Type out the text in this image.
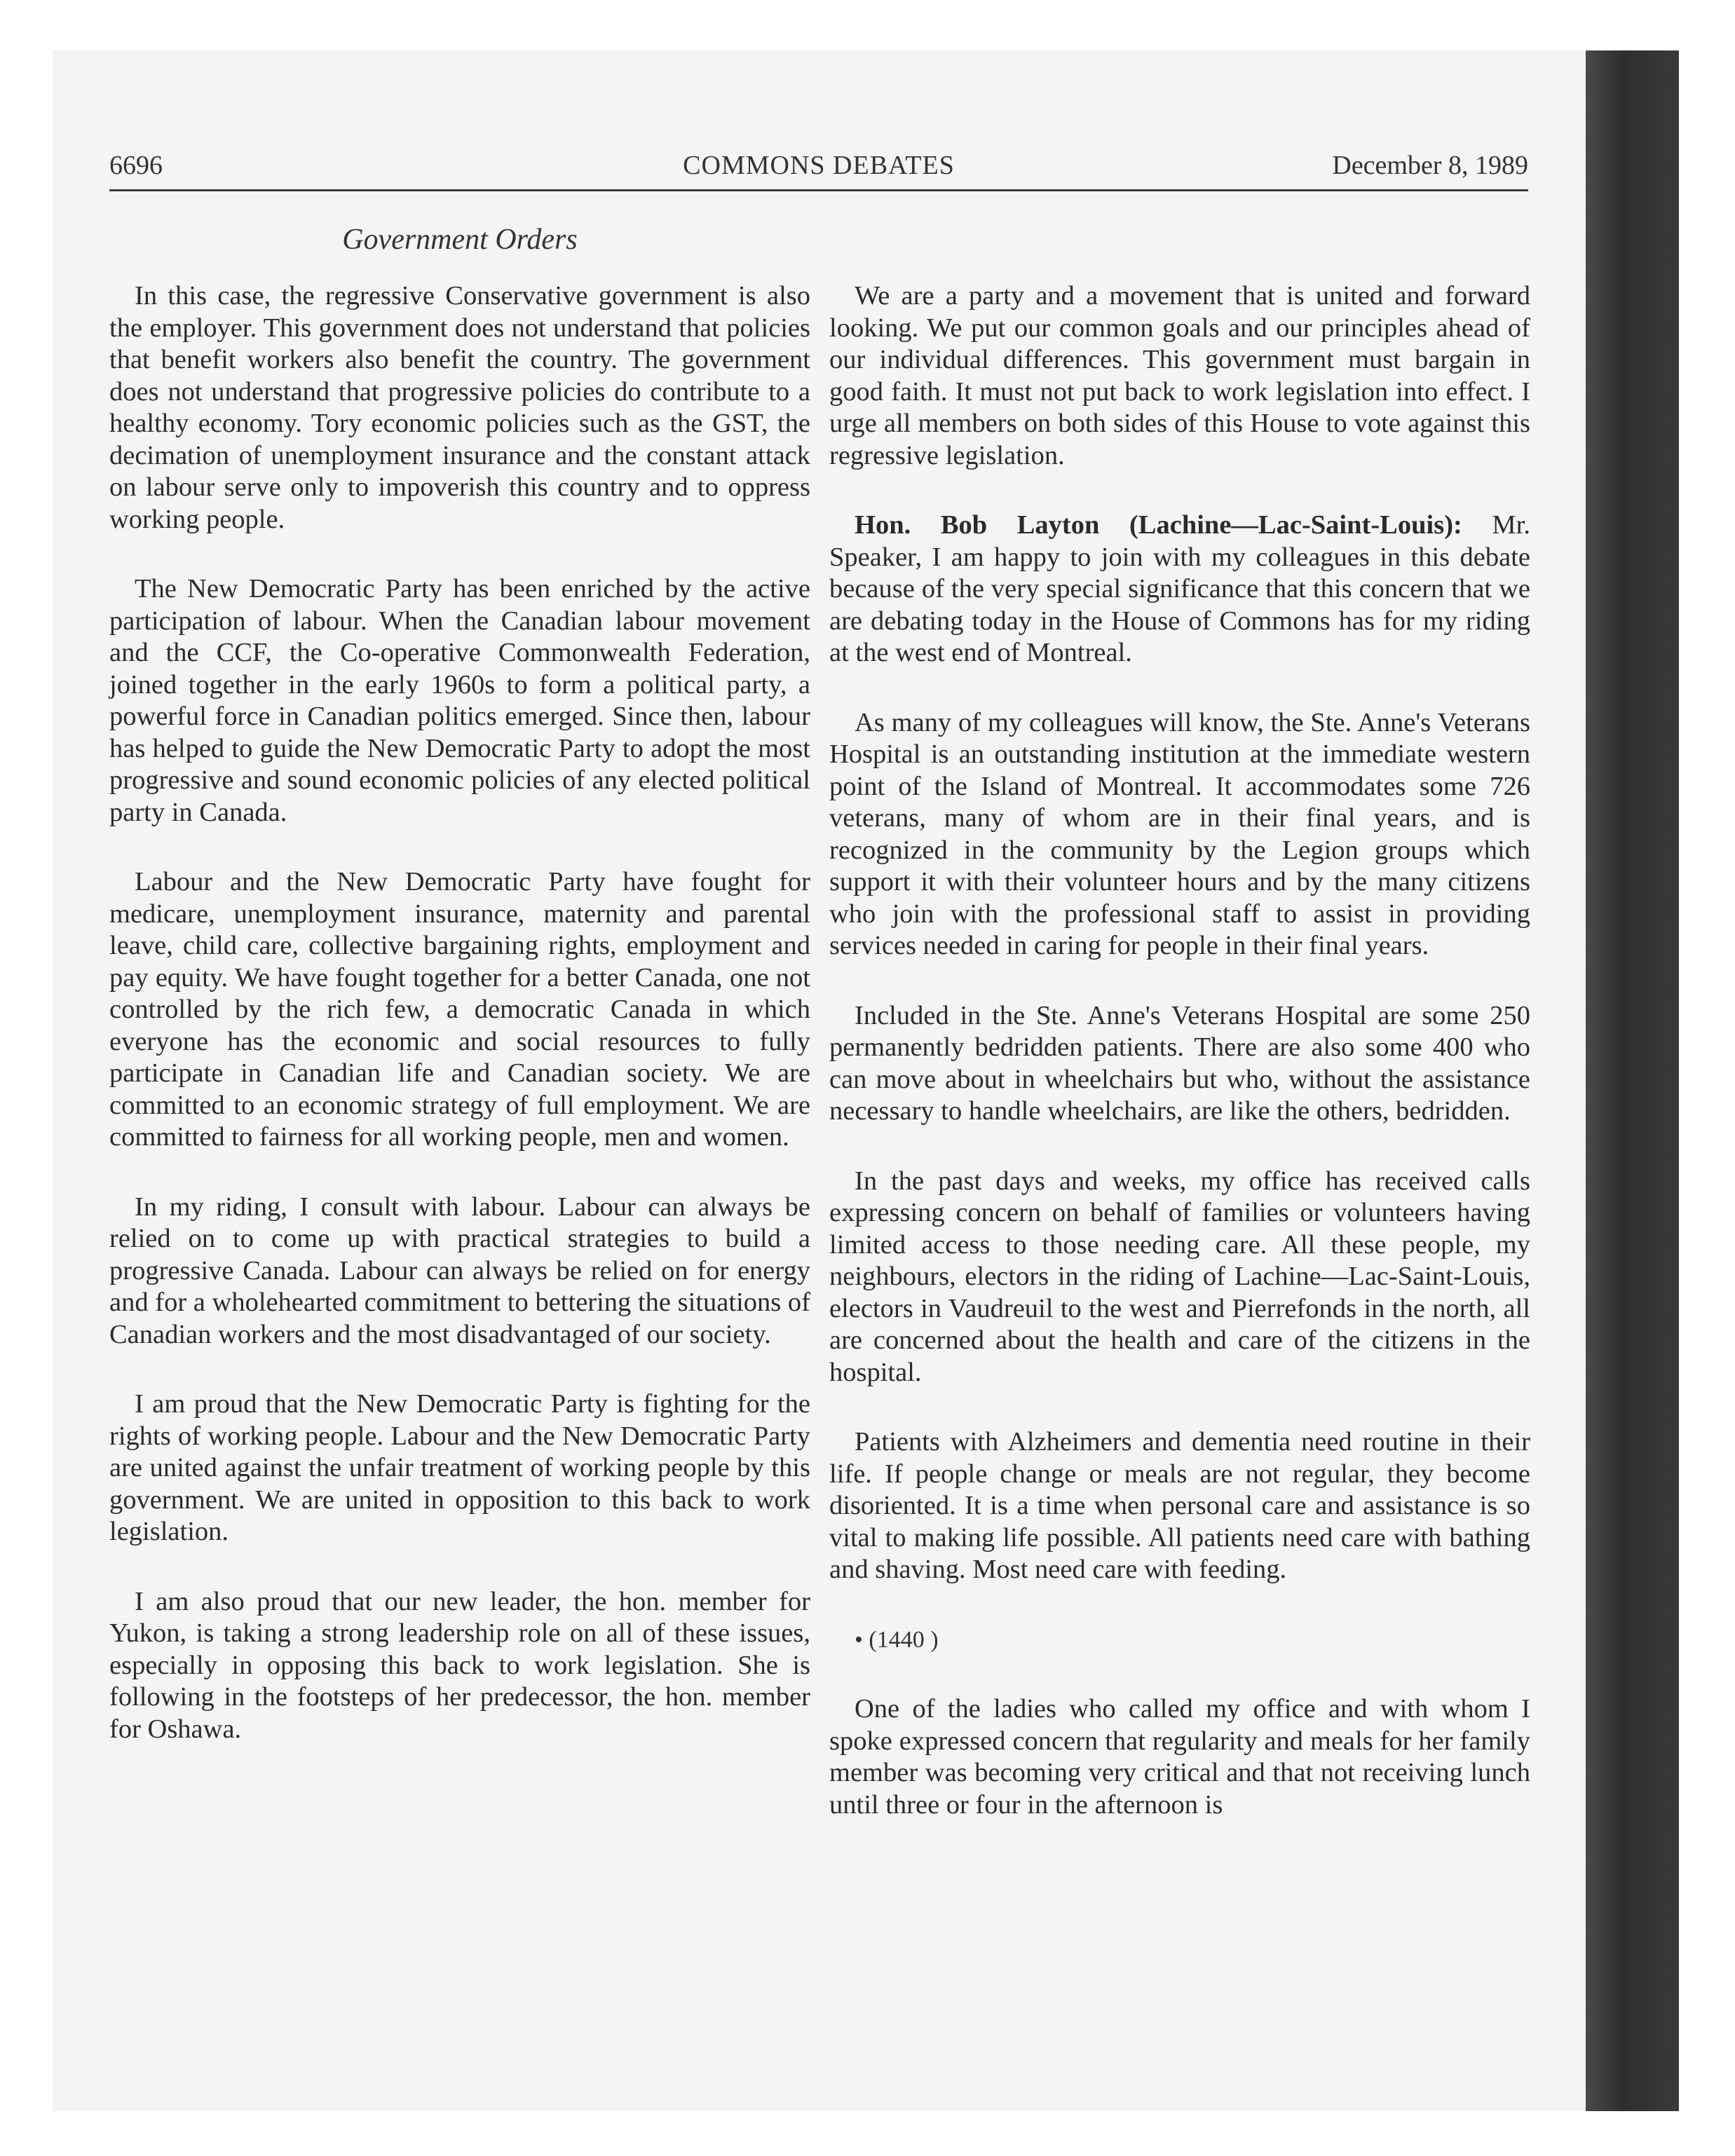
6696	COMMONS DEBATES	December 8, 1989
Government Orders

In this case, the regressive Conservative government is also the employer. This government does not understand that policies that benefit workers also benefit the country. The government does not understand that progressive policies do contribute to a healthy economy. Tory economic policies such as the GST, the decimation of unemployment insurance and the constant attack on labour serve only to impoverish this country and to oppress working people.

The New Democratic Party has been enriched by the active participation of labour. When the Canadian labour movement and the CCF, the Co-operative Commonwealth Federation, joined together in the early 1960s to form a political party, a powerful force in Canadian politics emerged. Since then, labour has helped to guide the New Democratic Party to adopt the most progressive and sound economic policies of any elected political party in Canada.

Labour and the New Democratic Party have fought for medicare, unemployment insurance, maternity and parental leave, child care, collective bargaining rights, employment and pay equity. We have fought together for a better Canada, one not controlled by the rich few, a democratic Canada in which everyone has the economic and social resources to fully participate in Canadian life and Canadian society. We are committed to an economic strategy of full employment. We are committed to fairness for all working people, men and women.

In my riding, I consult with labour. Labour can always be relied on to come up with practical strategies to build a progressive Canada. Labour can always be relied on for energy and for a wholehearted commitment to bettering the situations of Canadian workers and the most disadvantaged of our society.

I am proud that the New Democratic Party is fighting for the rights of working people. Labour and the New Democratic Party are united against the unfair treatment of working people by this government. We are united in opposition to this back to work legislation.

I am also proud that our new leader, the hon. member for Yukon, is taking a strong leadership role on all of these issues, especially in opposing this back to work legislation. She is following in the footsteps of her predecessor, the hon. member for Oshawa.

We are a party and a movement that is united and forward looking. We put our common goals and our principles ahead of our individual differences. This government must bargain in good faith. It must not put back to work legislation into effect. I urge all members on both sides of this House to vote against this regressive legislation.

Hon. Bob Layton (Lachine—Lac-Saint-Louis): Mr. Speaker, I am happy to join with my colleagues in this debate because of the very special significance that this concern that we are debating today in the House of Commons has for my riding at the west end of Montreal.

As many of my colleagues will know, the Ste. Anne's Veterans Hospital is an outstanding institution at the immediate western point of the Island of Montreal. It accommodates some 726 veterans, many of whom are in their final years, and is recognized in the community by the Legion groups which support it with their volunteer hours and by the many citizens who join with the professional staff to assist in providing services needed in caring for people in their final years.

Included in the Ste. Anne's Veterans Hospital are some 250 permanently bedridden patients. There are also some 400 who can move about in wheelchairs but who, without the assistance necessary to handle wheelchairs, are like the others, bedridden.

In the past days and weeks, my office has received calls expressing concern on behalf of families or volunteers having limited access to those needing care. All these people, my neighbours, electors in the riding of Lachine—Lac-Saint-Louis, electors in Vaudreuil to the west and Pierrefonds in the north, all are concerned about the health and care of the citizens in the hospital.

Patients with Alzheimers and dementia need routine in their life. If people change or meals are not regular, they become disoriented. It is a time when personal care and assistance is so vital to making life possible. All patients need care with bathing and shaving. Most need care with feeding.

• (1440 )

One of the ladies who called my office and with whom I spoke expressed concern that regularity and meals for her family member was becoming very critical and that not receiving lunch until three or four in the afternoon is
